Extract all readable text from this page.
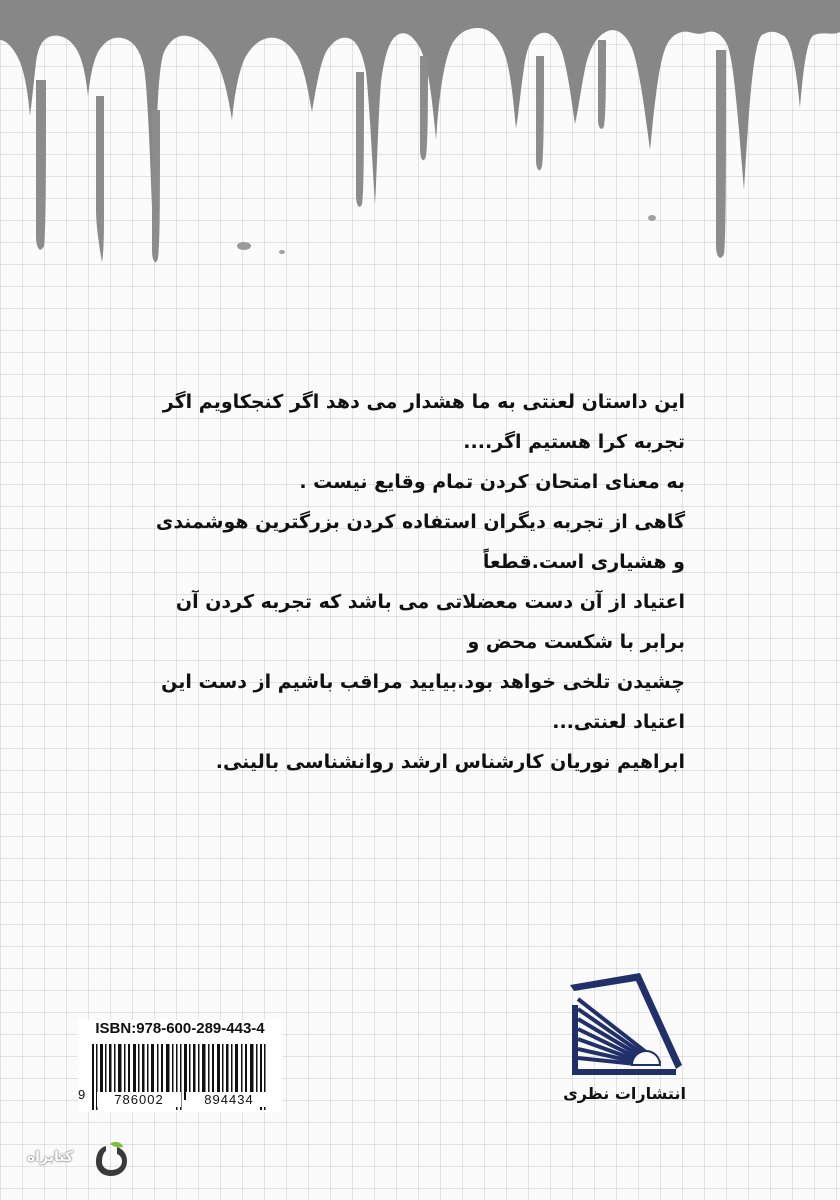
این داستان لعنتی به ما هشدار می دهد اگر کنجکاویم اگر تجربه کرا هستیم اگر....
به معنای امتحان کردن تمام وقایع نیست .

گاهی از تجربه دیگران استفاده کردن بزرگترین هوشمندی و هشیاری است.قطعاً
اعتیاد از آن دست معضلاتی می باشد که تجربه کردن آن برابر با شکست محض و
چشیدن تلخی خواهد بود.بیایید مراقب باشیم از دست این اعتیاد لعنتی...

ابراهیم نوریان کارشناس ارشد روانشناسی بالینی.

ISBN:978-600-289-443-4
9	786002	894434	انتشارات نظری
کتابراه
